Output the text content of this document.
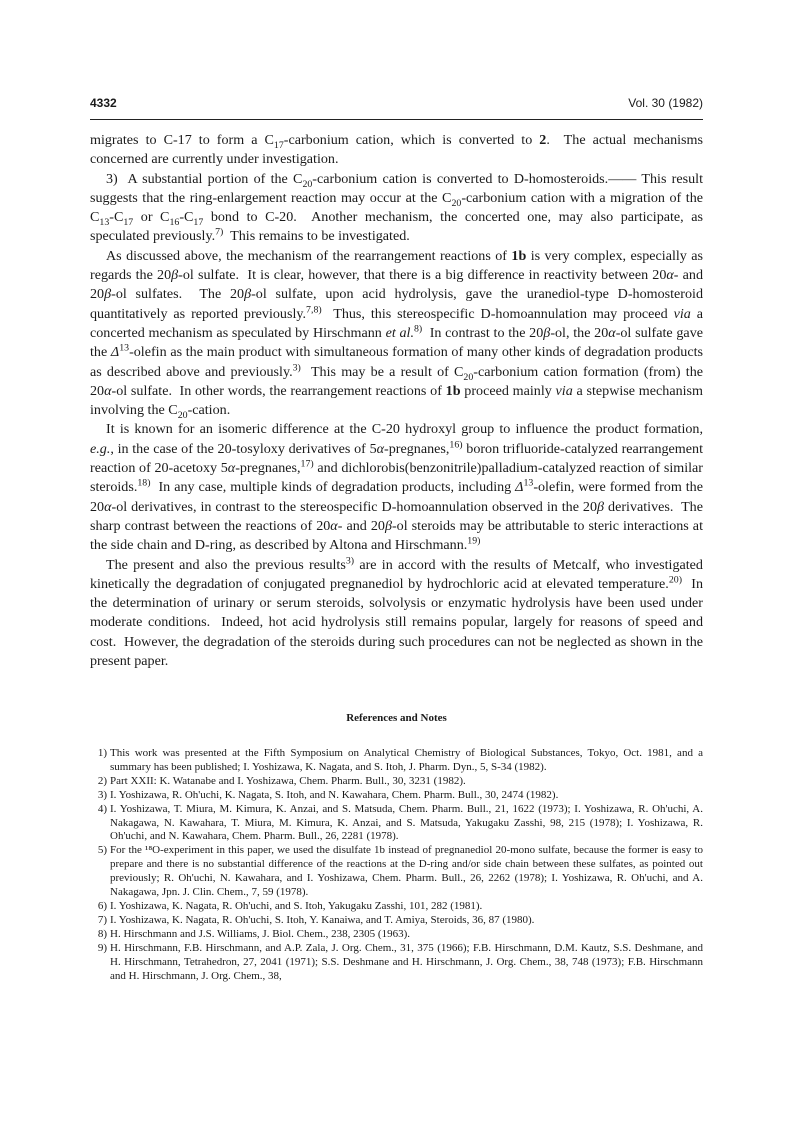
4332	Vol. 30 (1982)

migrates to C-17 to form a $C_{17}$-carbonium cation, which is converted to 2.  The actual mechanisms concerned are currently under investigation.

3)  A substantial portion of the $C_{20}$-carbonium cation is converted to D-homosteroids.—— This result suggests that the ring-enlargement reaction may occur at the $C_{20}$-carbonium cation with a migration of the $C_{13}-C_{17}$ or $C_{16}-C_{17}$ bond to C-20.  Another mechanism, the concerted one, may also participate, as speculated previously.$^{7)}$  This remains to be investigated.

As discussed above, the mechanism of the rearrangement reactions of 1b is very complex, especially as regards the 20β-ol sulfate.  It is clear, however, that there is a big difference in reactivity between 20α- and 20β-ol sulfates.  The 20β-ol sulfate, upon acid hydrolysis, gave the uranediol-type D-homosteroid quantitatively as reported previously.$^{7,8)}$  Thus, this stereospecific D-homoannulation may proceed via a concerted mechanism as speculated by Hirschmann et al.$^{8)}$  In contrast to the 20β-ol, the 20α-ol sulfate gave the $\Delta^{13}$-olefin as the main product with simultaneous formation of many other kinds of degradation products as described above and previously.$^{3)}$  This may be a result of $C_{20}$-carbonium cation formation (from) the 20α-ol sulfate.  In other words, the rearrangement reactions of 1b proceed mainly via a stepwise mechanism involving the $C_{20}$-cation.

It is known for an isomeric difference at the C-20 hydroxyl group to influence the product formation, e.g., in the case of the 20-tosyloxy derivatives of 5α-pregnanes,$^{16)}$ boron trifluoride-catalyzed rearrangement reaction of 20-acetoxy 5α-pregnanes,$^{17)}$ and dichlorobis(benzonitrile)palladium-catalyzed reaction of similar steroids.$^{18)}$  In any case, multiple kinds of degradation products, including $\Delta^{13}$-olefin, were formed from the 20α-ol derivatives, in contrast to the stereospecific D-homoannulation observed in the 20β derivatives.  The sharp contrast between the reactions of 20α- and 20β-ol steroids may be attributable to steric interactions at the side chain and D-ring, as described by Altona and Hirschmann.$^{19)}$

The present and also the previous results$^{3)}$ are in accord with the results of Metcalf, who investigated kinetically the degradation of conjugated pregnanediol by hydrochloric acid at elevated temperature.$^{20)}$  In the determination of urinary or serum steroids, solvolysis or enzymatic hydrolysis have been used under moderate conditions.  Indeed, hot acid hydrolysis still remains popular, largely for reasons of speed and cost.  However, the degradation of the steroids during such procedures can not be neglected as shown in the present paper.

References and Notes
1) This work was presented at the Fifth Symposium on Analytical Chemistry of Biological Substances, Tokyo, Oct. 1981, and a summary has been published; I. Yoshizawa, K. Nagata, and S. Itoh, J. Pharm. Dyn., 5, S-34 (1982).
2) Part XXII: K. Watanabe and I. Yoshizawa, Chem. Pharm. Bull., 30, 3231 (1982).
3) I. Yoshizawa, R. Oh'uchi, K. Nagata, S. Itoh, and N. Kawahara, Chem. Pharm. Bull., 30, 2474 (1982).
4) I. Yoshizawa, T. Miura, M. Kimura, K. Anzai, and S. Matsuda, Chem. Pharm. Bull., 21, 1622 (1973); I. Yoshizawa, R. Oh'uchi, A. Nakagawa, N. Kawahara, T. Miura, M. Kimura, K. Anzai, and S. Matsuda, Yakugaku Zasshi, 98, 215 (1978); I. Yoshizawa, R. Oh'uchi, and N. Kawahara, Chem. Pharm. Bull., 26, 2281 (1978).
5) For the ¹⁸O-experiment in this paper, we used the disulfate 1b instead of pregnanediol 20-mono sulfate, because the former is easy to prepare and there is no substantial difference of the reactions at the D-ring and/or side chain between these sulfates, as pointed out previously; R. Oh'uchi, N. Kawahara, and I. Yoshizawa, Chem. Pharm. Bull., 26, 2262 (1978); I. Yoshizawa, R. Oh'uchi, and A. Nakagawa, Jpn. J. Clin. Chem., 7, 59 (1978).
6) I. Yoshizawa, K. Nagata, R. Oh'uchi, and S. Itoh, Yakugaku Zasshi, 101, 282 (1981).
7) I. Yoshizawa, K. Nagata, R. Oh'uchi, S. Itoh, Y. Kanaiwa, and T. Amiya, Steroids, 36, 87 (1980).
8) H. Hirschmann and J.S. Williams, J. Biol. Chem., 238, 2305 (1963).
9) H. Hirschmann, F.B. Hirschmann, and A.P. Zala, J. Org. Chem., 31, 375 (1966); F.B. Hirschmann, D.M. Kautz, S.S. Deshmane, and H. Hirschmann, Tetrahedron, 27, 2041 (1971); S.S. Deshmane and H. Hirschmann, J. Org. Chem., 38, 748 (1973); F.B. Hirschmann and H. Hirschmann, J. Org. Chem., 38,
